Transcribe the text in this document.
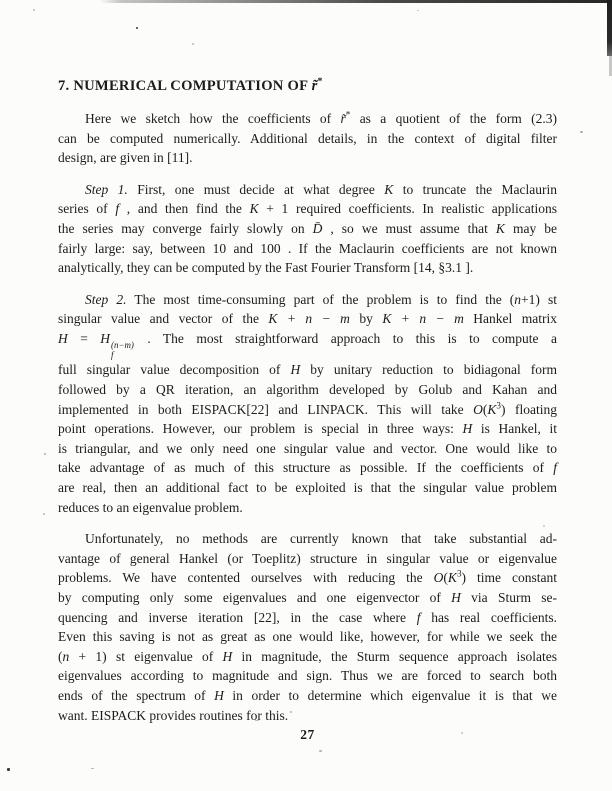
7. NUMERICAL COMPUTATION OF r̃*

Here we sketch how the coefficients of r̃* as a quotient of the form (2.3)
can be computed numerically. Additional details, in the context of digital filter
design, are given in [11].

Step 1. First, one must decide at what degree K to truncate the Maclaurin
series of f , and then find the K + 1 required coefficients. In realistic applications
the series may converge fairly slowly on D̄ , so we must assume that K may be
fairly large: say, between 10 and 100 . If the Maclaurin coefficients are not known
analytically, they can be computed by the Fast Fourier Transform [14, §3.1 ].

Step 2. The most time-consuming part of the problem is to find the (n+1) st
singular value and vector of the K + n − m by K + n − m Hankel matrix
H = H (n−m)
f
. The most straightforward approach to this is to compute a
full singular value decomposition of H by unitary reduction to bidiagonal form
followed by a QR iteration, an algorithm developed by Golub and Kahan and
implemented in both EISPACK[22] and LINPACK. This will take $O(K^3)$ floating
point operations. However, our problem is special in three ways: H is Hankel, it
is triangular, and we only need one singular value and vector. One would like to
take advantage of as much of this structure as possible. If the coefficients of f
are real, then an additional fact to be exploited is that the singular value problem
reduces to an eigenvalue problem.

Unfortunately, no methods are currently known that take substantial ad-
vantage of general Hankel (or Toeplitz) structure in singular value or eigenvalue
problems. We have contented ourselves with reducing the $O(K^3)$ time constant
by computing only some eigenvalues and one eigenvector of H via Sturm se-
quencing and inverse iteration [22], in the case where f has real coefficients.
Even this saving is not as great as one would like, however, for while we seek the
(n + 1) st eigenvalue of H in magnitude, the Sturm sequence approach isolates
eigenvalues according to magnitude and sign. Thus we are forced to search both
ends of the spectrum of H in order to determine which eigenvalue it is that we
want. EISPACK provides routines for this.

27
